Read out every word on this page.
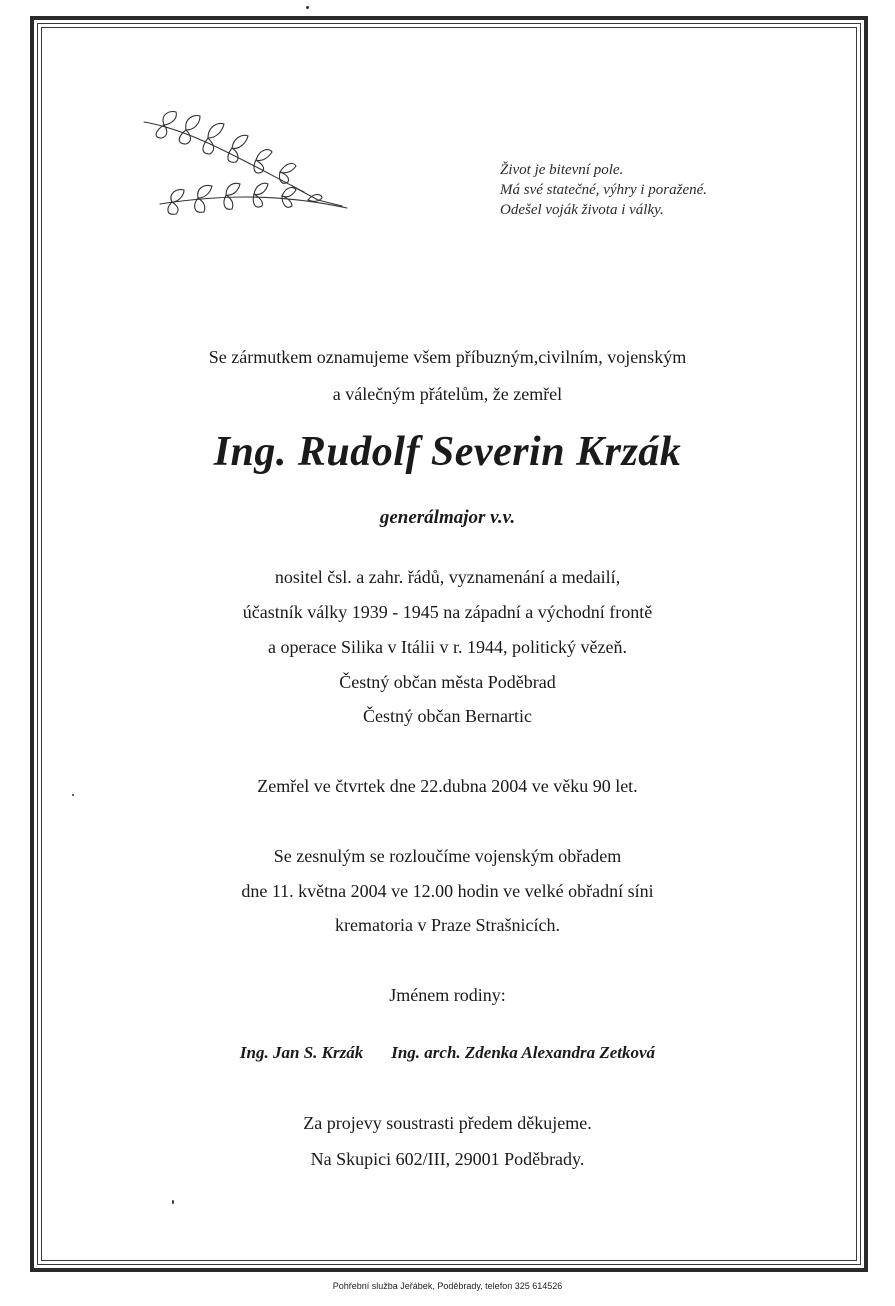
Život je bitevní pole.
Má své statečné, výhry i poražené.
Odešel voják života i války.
Se zármutkem oznamujeme všem příbuzným,civilním, vojenským
a válečným přátelům, že zemřel
Ing. Rudolf Severin Krzák
generálmajor v.v.
nositel čsl. a zahr. řádů, vyznamenání a medailí,
účastník války 1939 - 1945 na západní a východní frontě
a operace Silika v Itálii v r. 1944, politický vězeň.
Čestný občan města Poděbrad
Čestný občan Bernartic
Zemřel ve čtvrtek dne 22.dubna 2004 ve věku 90 let.
Se zesnulým se rozloučíme vojenským obřadem
dne 11. května 2004 ve 12.00 hodin ve velké obřadní síni
krematoria v Praze Strašnicích.
Jménem rodiny:
Ing. Jan S. Krzák Ing. arch. Zdenka Alexandra Zetková
Za projevy soustrasti předem děkujeme.
Na Skupici 602/III, 29001 Poděbrady.
Pohřební služba Jeřábek, Poděbrady, telefon 325 614526
